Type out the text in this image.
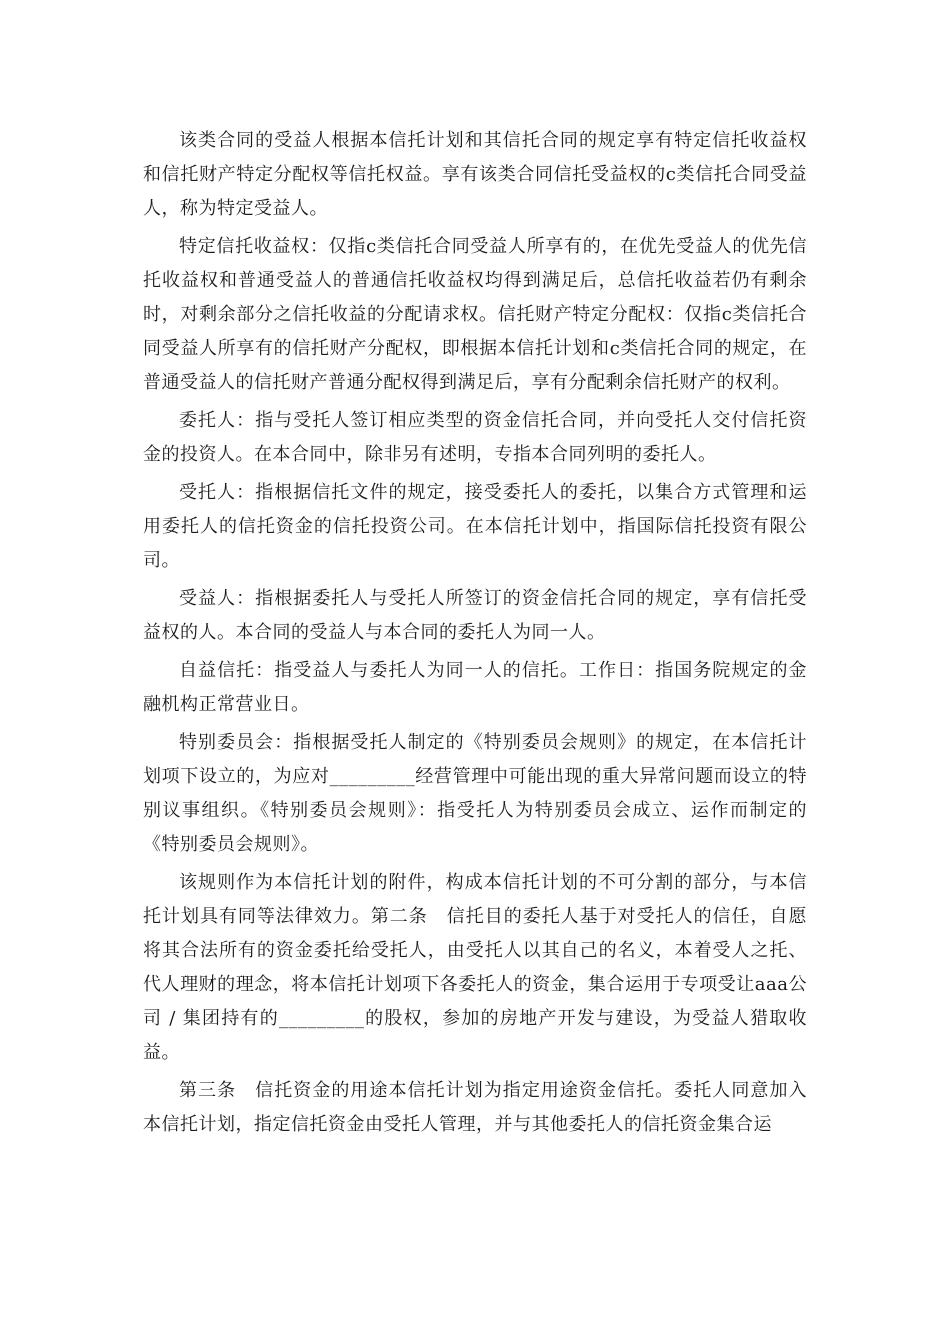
该类合同的受益人根据本信托计划和其信托合同的规定享有特定信托收益权和信托财产特定分配权等信托权益。享有该类合同信托受益权的c类信托合同受益人，称为特定受益人。

特定信托收益权：仅指c类信托合同受益人所享有的，在优先受益人的优先信托收益权和普通受益人的普通信托收益权均得到满足后，总信托收益若仍有剩余时，对剩余部分之信托收益的分配请求权。信托财产特定分配权：仅指c类信托合同受益人所享有的信托财产分配权，即根据本信托计划和c类信托合同的规定，在普通受益人的信托财产普通分配权得到满足后，享有分配剩余信托财产的权利。

委托人：指与受托人签订相应类型的资金信托合同，并向受托人交付信托资金的投资人。在本合同中，除非另有述明，专指本合同列明的委托人。

受托人：指根据信托文件的规定，接受委托人的委托，以集合方式管理和运用委托人的信托资金的信托投资公司。在本信托计划中，指国际信托投资有限公司。

受益人：指根据委托人与受托人所签订的资金信托合同的规定，享有信托受益权的人。本合同的受益人与本合同的委托人为同一人。

自益信托：指受益人与委托人为同一人的信托。工作日：指国务院规定的金融机构正常营业日。

特别委员会：指根据受托人制定的《特别委员会规则》的规定，在本信托计划项下设立的，为应对_________经营管理中可能出现的重大异常问题而设立的特别议事组织。《特别委员会规则》：指受托人为特别委员会成立、运作而制定的《特别委员会规则》。

该规则作为本信托计划的附件，构成本信托计划的不可分割的部分，与本信托计划具有同等法律效力。第二条　信托目的委托人基于对受托人的信任，自愿将其合法所有的资金委托给受托人，由受托人以其自己的名义，本着受人之托、代人理财的理念，将本信托计划项下各委托人的资金，集合运用于专项受让aaa公司 / 集团持有的_________的股权，参加的房地产开发与建设，为受益人猎取收益。

第三条　信托资金的用途本信托计划为指定用途资金信托。委托人同意加入本信托计划，指定信托资金由受托人管理，并与其他委托人的信托资金集合运
